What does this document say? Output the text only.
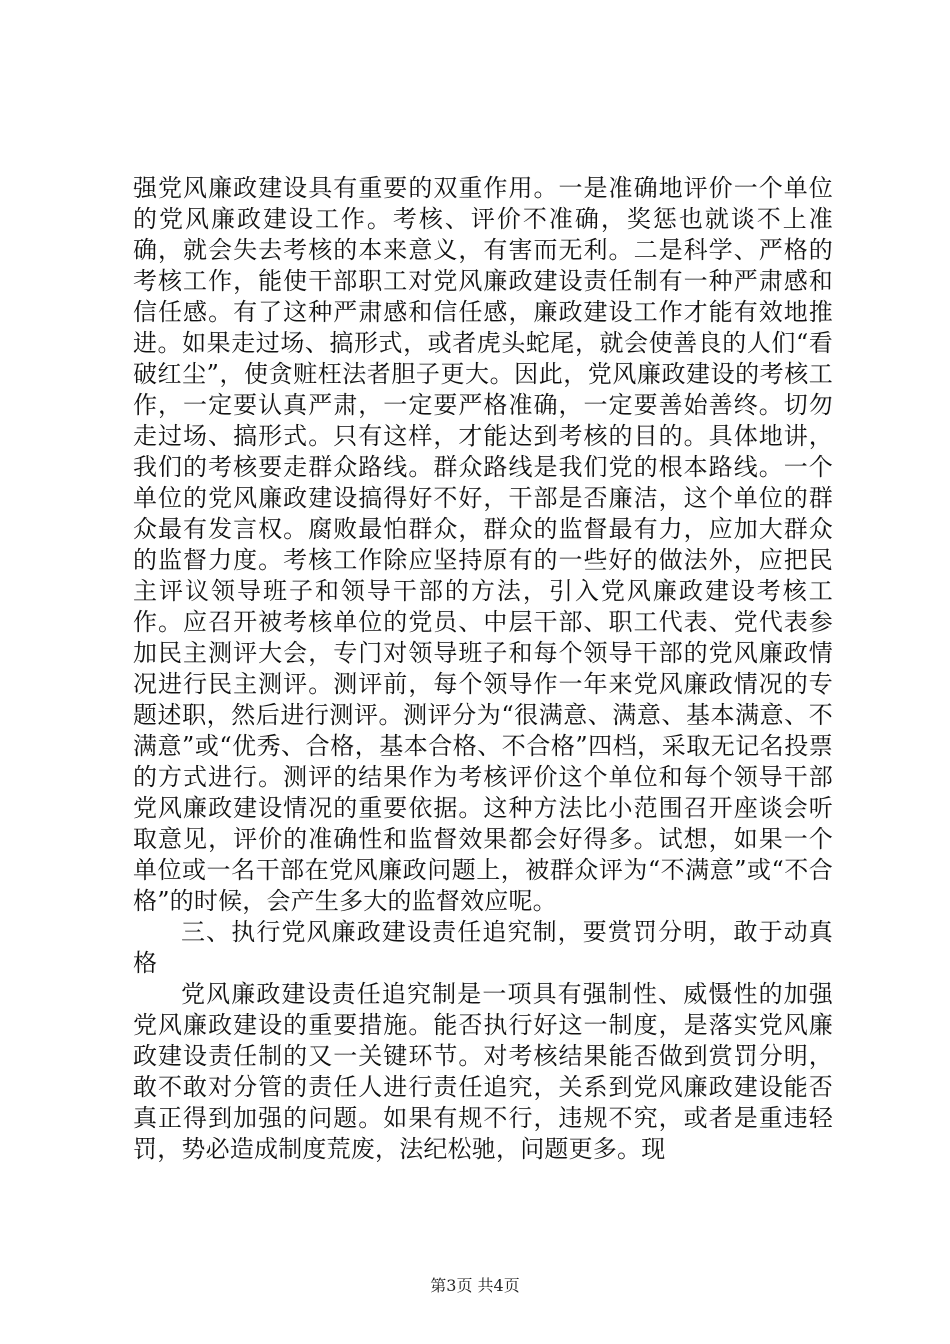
强党风廉政建设具有重要的双重作用。一是准确地评价一个单位的党风廉政建设工作。考核、评价不准确，奖惩也就谈不上准确，就会失去考核的本来意义，有害而无利。二是科学、严格的考核工作，能使干部职工对党风廉政建设责任制有一种严肃感和信任感。有了这种严肃感和信任感，廉政建设工作才能有效地推进。如果走过场、搞形式，或者虎头蛇尾，就会使善良的人们“看破红尘”，使贪赃枉法者胆子更大。因此，党风廉政建设的考核工作，一定要认真严肃，一定要严格准确，一定要善始善终。切勿走过场、搞形式。只有这样，才能达到考核的目的。具体地讲，我们的考核要走群众路线。群众路线是我们党的根本路线。一个单位的党风廉政建设搞得好不好，干部是否廉洁，这个单位的群众最有发言权。腐败最怕群众，群众的监督最有力，应加大群众的监督力度。考核工作除应坚持原有的一些好的做法外，应把民主评议领导班子和领导干部的方法，引入党风廉政建设考核工作。应召开被考核单位的党员、中层干部、职工代表、党代表参加民主测评大会，专门对领导班子和每个领导干部的党风廉政情况进行民主测评。测评前，每个领导作一年来党风廉政情况的专题述职，然后进行测评。测评分为“很满意、满意、基本满意、不满意”或“优秀、合格，基本合格、不合格”四档，采取无记名投票的方式进行。测评的结果作为考核评价这个单位和每个领导干部党风廉政建设情况的重要依据。这种方法比小范围召开座谈会听取意见，评价的准确性和监督效果都会好得多。试想，如果一个单位或一名干部在党风廉政问题上，被群众评为“不满意”或“不合格”的时候，会产生多大的监督效应呢。

三、执行党风廉政建设责任追究制，要赏罚分明，敢于动真格

党风廉政建设责任追究制是一项具有强制性、威慑性的加强党风廉政建设的重要措施。能否执行好这一制度，是落实党风廉政建设责任制的又一关键环节。对考核结果能否做到赏罚分明，敢不敢对分管的责任人进行责任追究，关系到党风廉政建设能否真正得到加强的问题。如果有规不行，违规不究，或者是重违轻罚，势必造成制度荒废，法纪松驰，问题更多。现

第3页 共4页
